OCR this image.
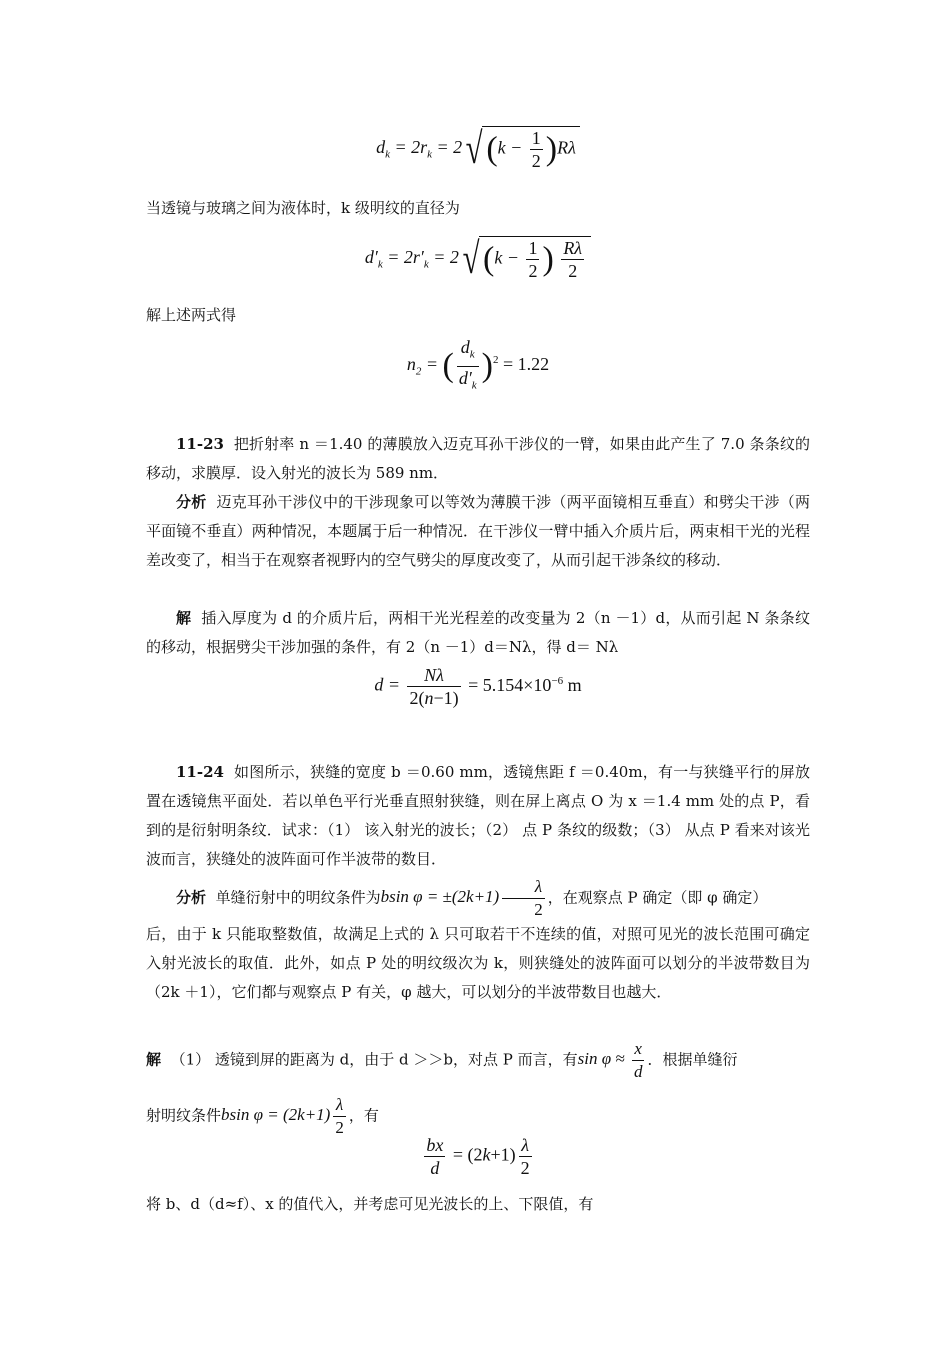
$d_k = 2r_k = 2√$ $(k - \frac{1}{2} )R\lambda$
当透镜与玻璃之间为液体时，k 级明纹的直径为
$d'_k = 2r'_k = 2√$ ($k - \frac{1}{2}$ ) $\frac{R\lambda}{2}$
解上述两式得
$n_2$ = ( $\frac{d_k}{d'_k} )^2 = 1.22$
11-23 把折射率 n ＝1.40 的薄膜放入迈克耳孙干涉仪的一臂，如果由此产生了 7.0 条条纹的移动，求膜厚．设入射光的波长为 589 nm．
分析 迈克耳孙干涉仪中的干涉现象可以等效为薄膜干涉（两平面镜相互垂直）和劈尖干涉（两平面镜不垂直）两种情况，本题属于后一种情况．在干涉仪一臂中插入介质片后，两束相干光的光程差改变了，相当于在观察者视野内的空气劈尖的厚度改变了，从而引起干涉条纹的移动．
解 插入厚度为 d 的介质片后，两相干光光程差的改变量为 2（n －1）d，从而引起 N 条条纹的移动，根据劈尖干涉加强的条件，有 2（n －1）d＝Nλ，得 d＝ Nλ
$d = \frac{N\lambda}{2(n-1)} = 5.154\times 10^{-6}$ m
11-24 如图所示，狭缝的宽度 b ＝0.60 mm，透镜焦距 f ＝0.40m，有一与狭缝平行的屏放置在透镜焦平面处．若以单色平行光垂直照射狭缝，则在屏上离点 O 为 x ＝1.4 mm 处的点 P，看到的是衍射明条纹．试求：（1） 该入射光的波长；（2） 点 P 条纹的级数；（3） 从点 P 看来对该光波而言，狭缝处的波阵面可作半波带的数目．
分析 单缝衍射中的明纹条件为bsin $\varphi = \pm(2k+1) \frac{\lambda}{2}$ ，在观察点 P 确定（即 φ 确定）
后，由于 k 只能取整数值，故满足上式的 λ 只可取若干不连续的值，对照可见光的波长范围可确定入射光波长的取值．此外，如点 P 处的明纹级次为 k，则狭缝处的波阵面可以划分的半波带数目为（2k ＋1），它们都与观察点 P 有关，φ 越大，可以划分的半波带数目也越大．
解 （1） 透镜到屏的距离为 d，由于 d ＞＞b，对点 P 而言，有$\sin \varphi \approx \frac{x}{d}$ ．根据单缝衍
射明纹条件bsin $\varphi = (2k+1) \frac{\lambda}{2}$ ，有
$\frac{bx}{d} = (2k+1) \frac{\lambda}{2}$
将 b、d（d≈f）、x 的值代入，并考虑可见光波长的上、下限值，有
